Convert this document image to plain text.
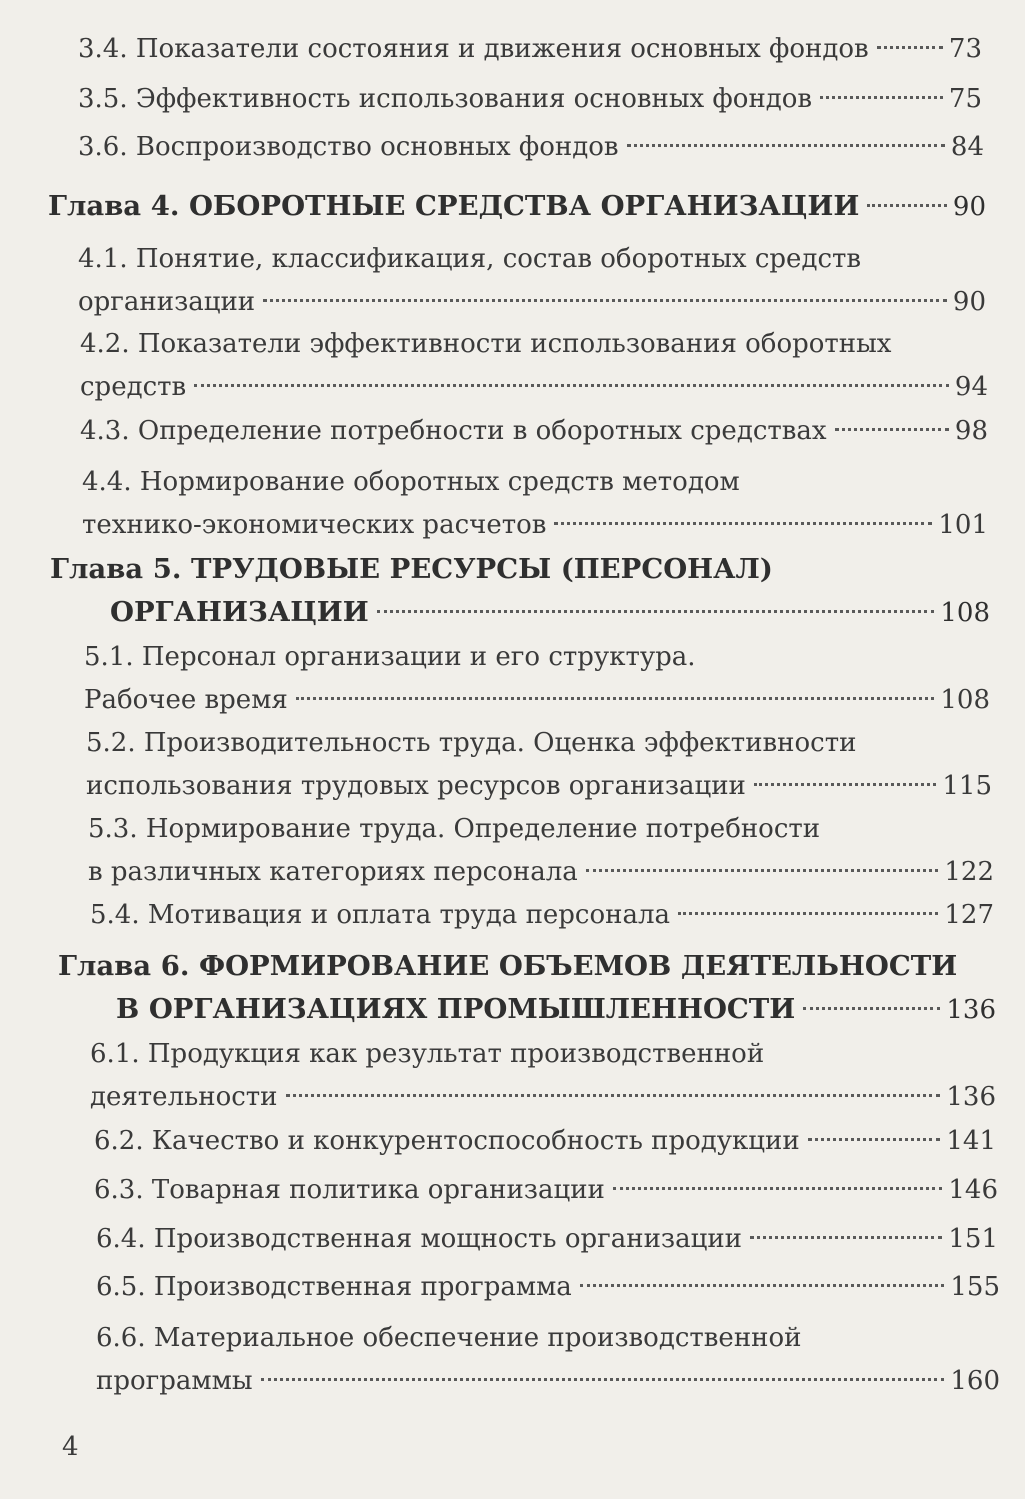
3.4. Показатели состояния и движения основных фондов	73
3.5. Эффективность использования основных фондов	75
3.6. Воспроизводство основных фондов	84
Глава 4. ОБОРОТНЫЕ СРЕДСТВА ОРГАНИЗАЦИИ	90
4.1. Понятие, классификация, состав оборотных средств
организации	90
4.2. Показатели эффективности использования оборотных
средств	94
4.3. Определение потребности в оборотных средствах	98
4.4. Нормирование оборотных средств методом
технико-экономических расчетов	101
Глава 5. ТРУДОВЫЕ РЕСУРСЫ (ПЕРСОНАЛ)
ОРГАНИЗАЦИИ	108
5.1. Персонал организации и его структура.
Рабочее время	108
5.2. Производительность труда. Оценка эффективности
использования трудовых ресурсов организации	115
5.3. Нормирование труда. Определение потребности
в различных категориях персонала	122
5.4. Мотивация и оплата труда персонала	127
Глава 6. ФОРМИРОВАНИЕ ОБЪЕМОВ ДЕЯТЕЛЬНОСТИ
В ОРГАНИЗАЦИЯХ ПРОМЫШЛЕННОСТИ	136
6.1. Продукция как результат производственной
деятельности	136
6.2. Качество и конкурентоспособность продукции	141
6.3. Товарная политика организации	146
6.4. Производственная мощность организации	151
6.5. Производственная программа	155
6.6. Материальное обеспечение производственной
программы	160
4
